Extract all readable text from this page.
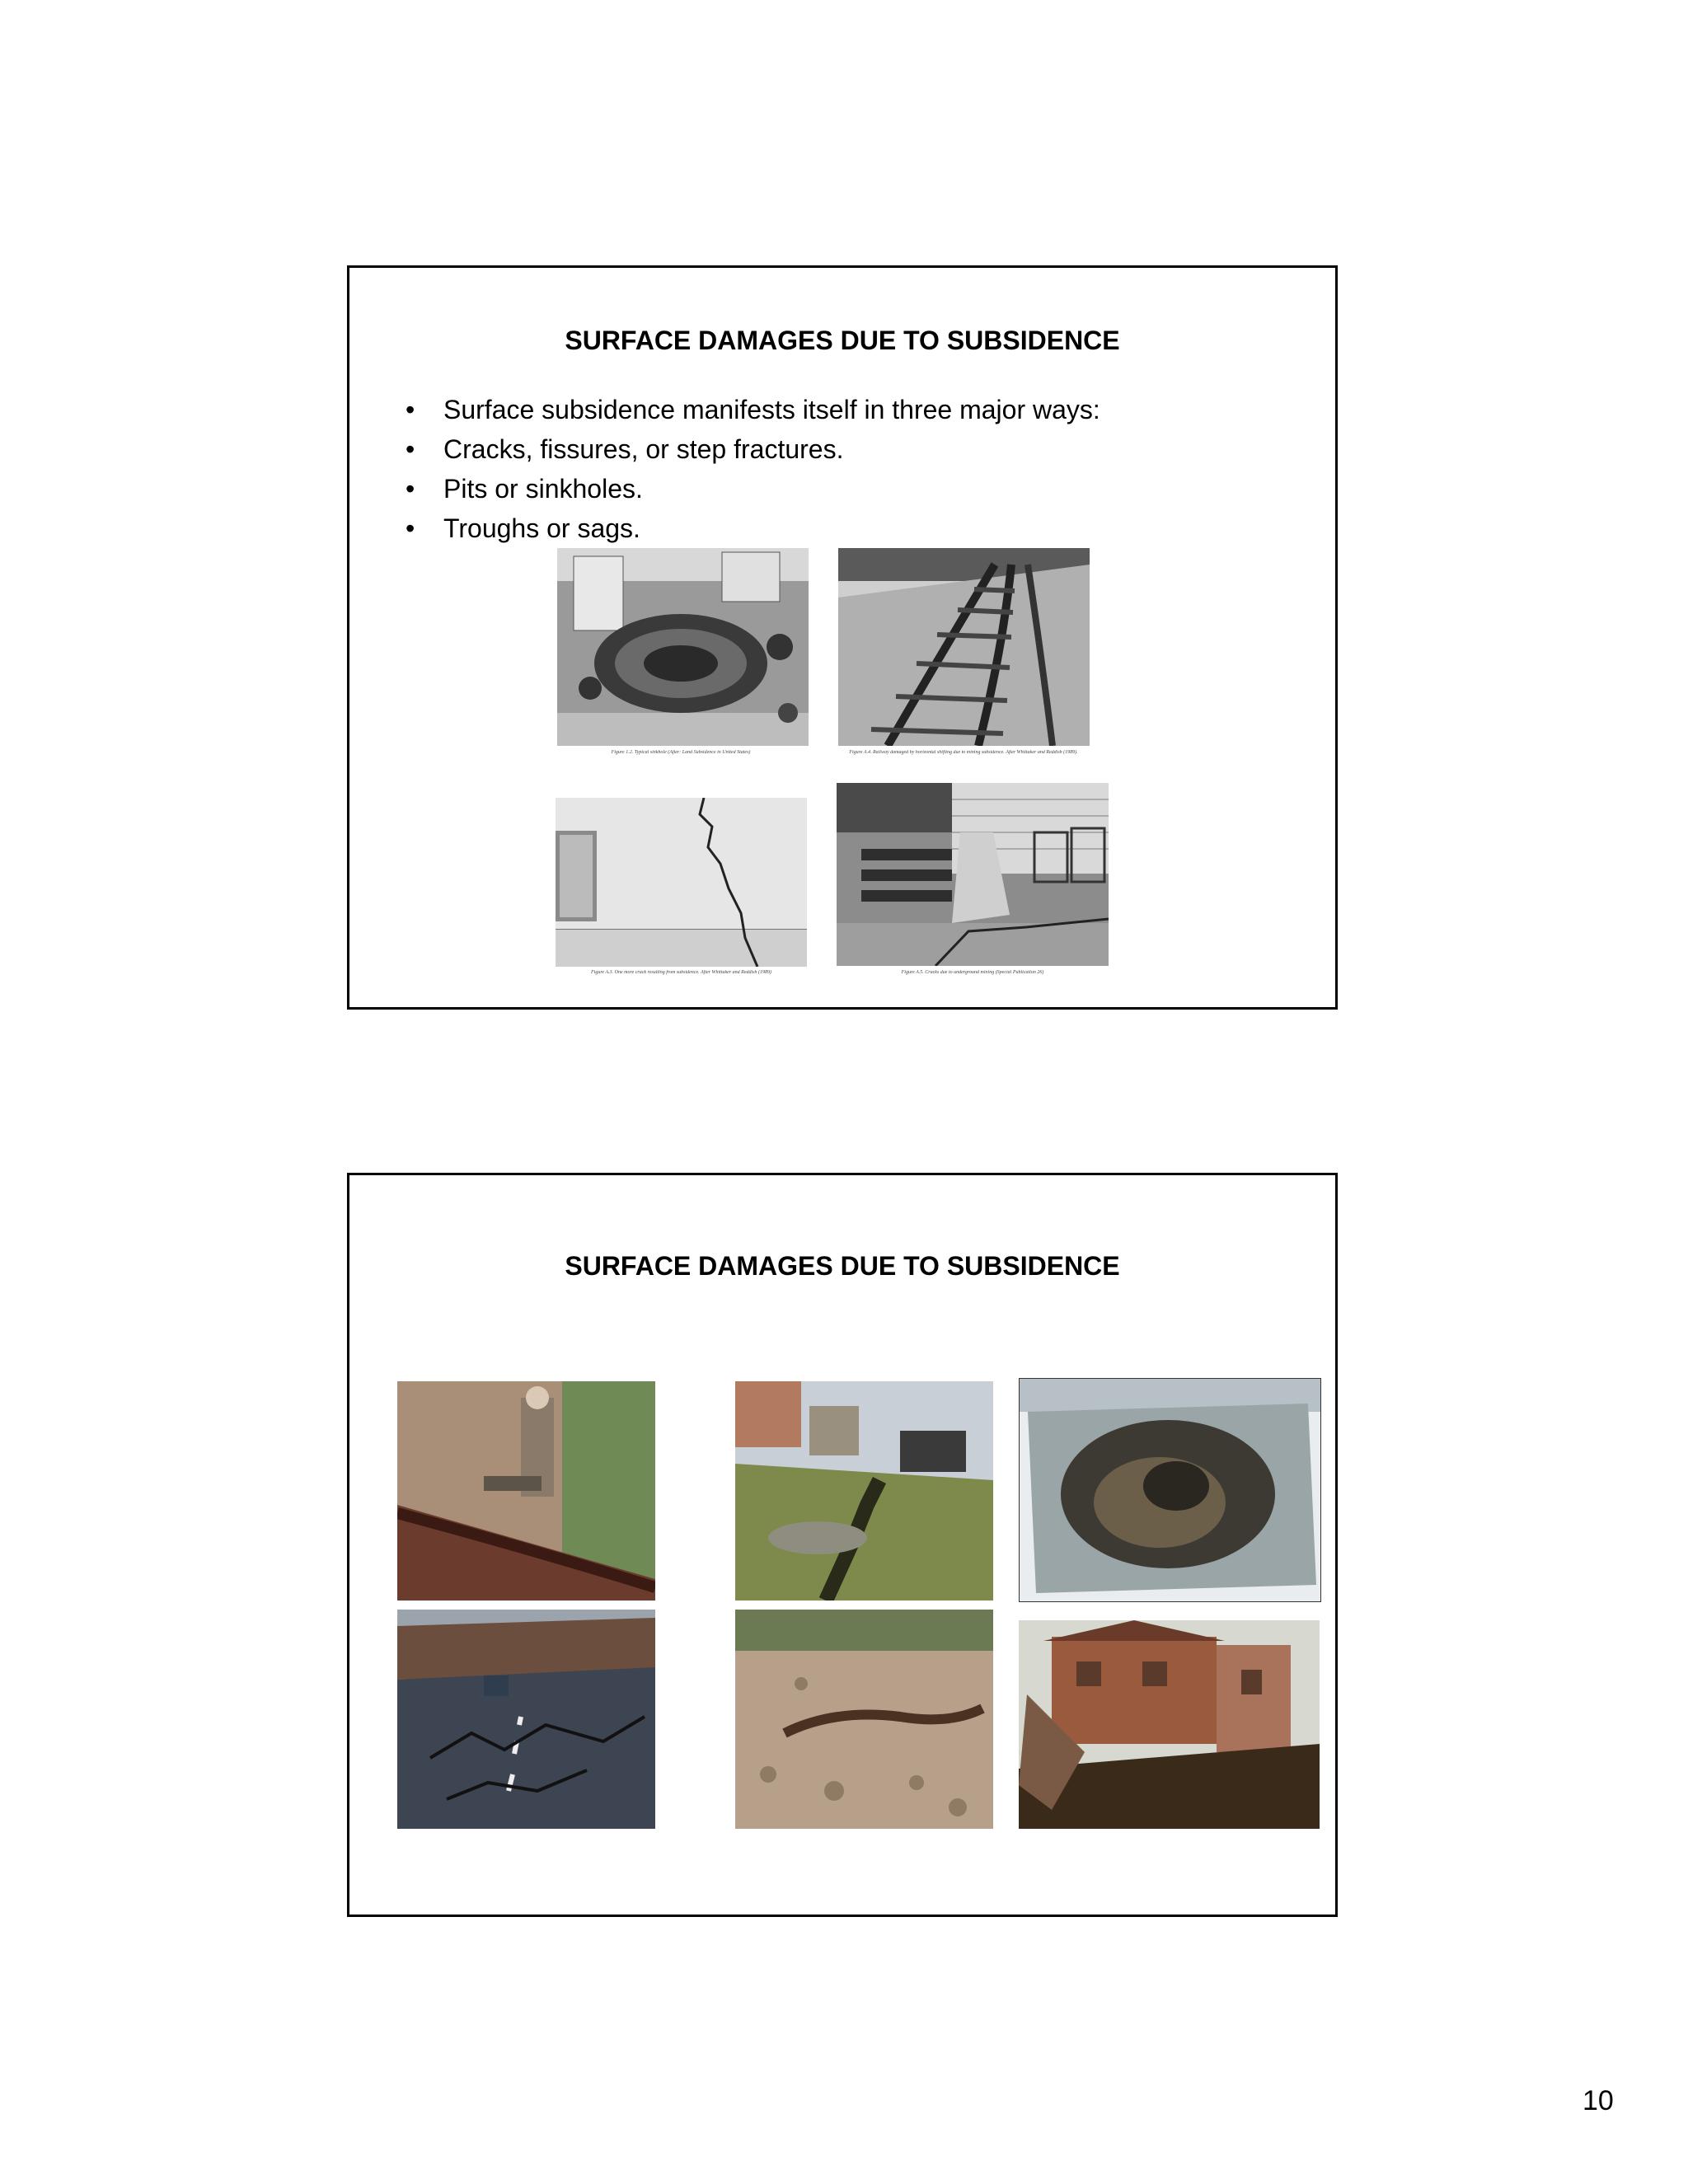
SURFACE DAMAGES DUE TO SUBSIDENCE
• Surface subsidence manifests itself in three major ways:
• Cracks, fissures, or step fractures.
• Pits or sinkholes.
• Troughs or sags.
Figure 1.2. Typical sinkhole (After: Land Subsidence in United States)	Figure A.4. Railway damaged by horizontal shifting due to mining subsidence. After Whittaker and Reddish (1989).
Figure A.3. One more crack resulting from subsidence. After Whittaker and Reddish (1989)	Figure A.5. Cracks due to underground mining (Special Publication 26)
SURFACE DAMAGES DUE TO SUBSIDENCE
10
